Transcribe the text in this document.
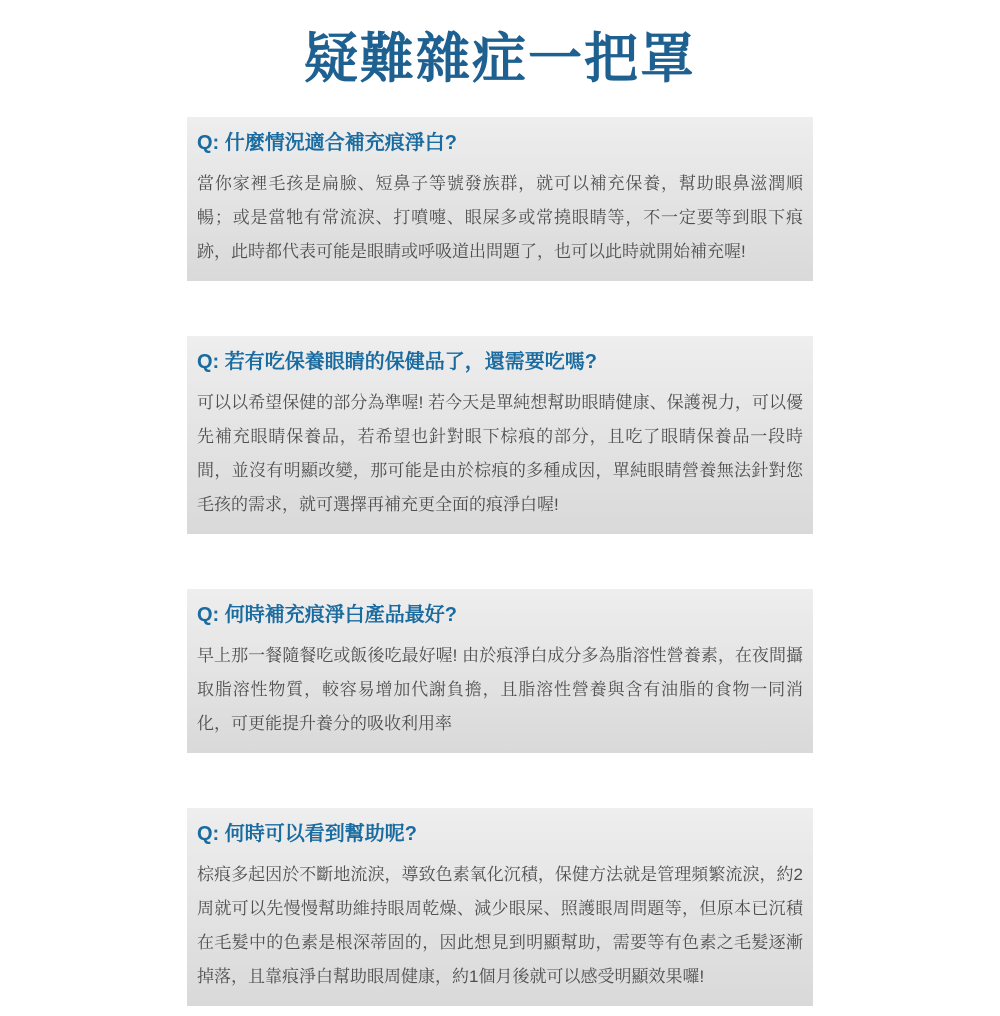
疑難雜症一把罩
Q: 什麼情況適合補充痕淨白?

當你家裡毛孩是扁臉、短鼻子等號發族群，就可以補充保養，幫助眼鼻滋潤順暢；或是當牠有常流淚、打噴嚏、眼屎多或常撓眼睛等，不一定要等到眼下痕跡，此時都代表可能是眼睛或呼吸道出問題了，也可以此時就開始補充喔!

Q: 若有吃保養眼睛的保健品了，還需要吃嗎?

可以以希望保健的部分為準喔! 若今天是單純想幫助眼睛健康、保護視力，可以優先補充眼睛保養品，若希望也針對眼下棕痕的部分，且吃了眼睛保養品一段時間，並沒有明顯改變，那可能是由於棕痕的多種成因，單純眼睛營養無法針對您毛孩的需求，就可選擇再補充更全面的痕淨白喔!

Q: 何時補充痕淨白產品最好?

早上那一餐隨餐吃或飯後吃最好喔! 由於痕淨白成分多為脂溶性營養素，在夜間攝取脂溶性物質，較容易增加代謝負擔，且脂溶性營養與含有油脂的食物一同消化，可更能提升養分的吸收利用率

Q: 何時可以看到幫助呢?

棕痕多起因於不斷地流淚，導致色素氧化沉積，保健方法就是管理頻繁流淚，約2周就可以先慢慢幫助維持眼周乾燥、減少眼屎、照護眼周問題等，但原本已沉積在毛髮中的色素是根深蒂固的，因此想見到明顯幫助，需要等有色素之毛髮逐漸掉落，且靠痕淨白幫助眼周健康，約1個月後就可以感受明顯效果囉!
